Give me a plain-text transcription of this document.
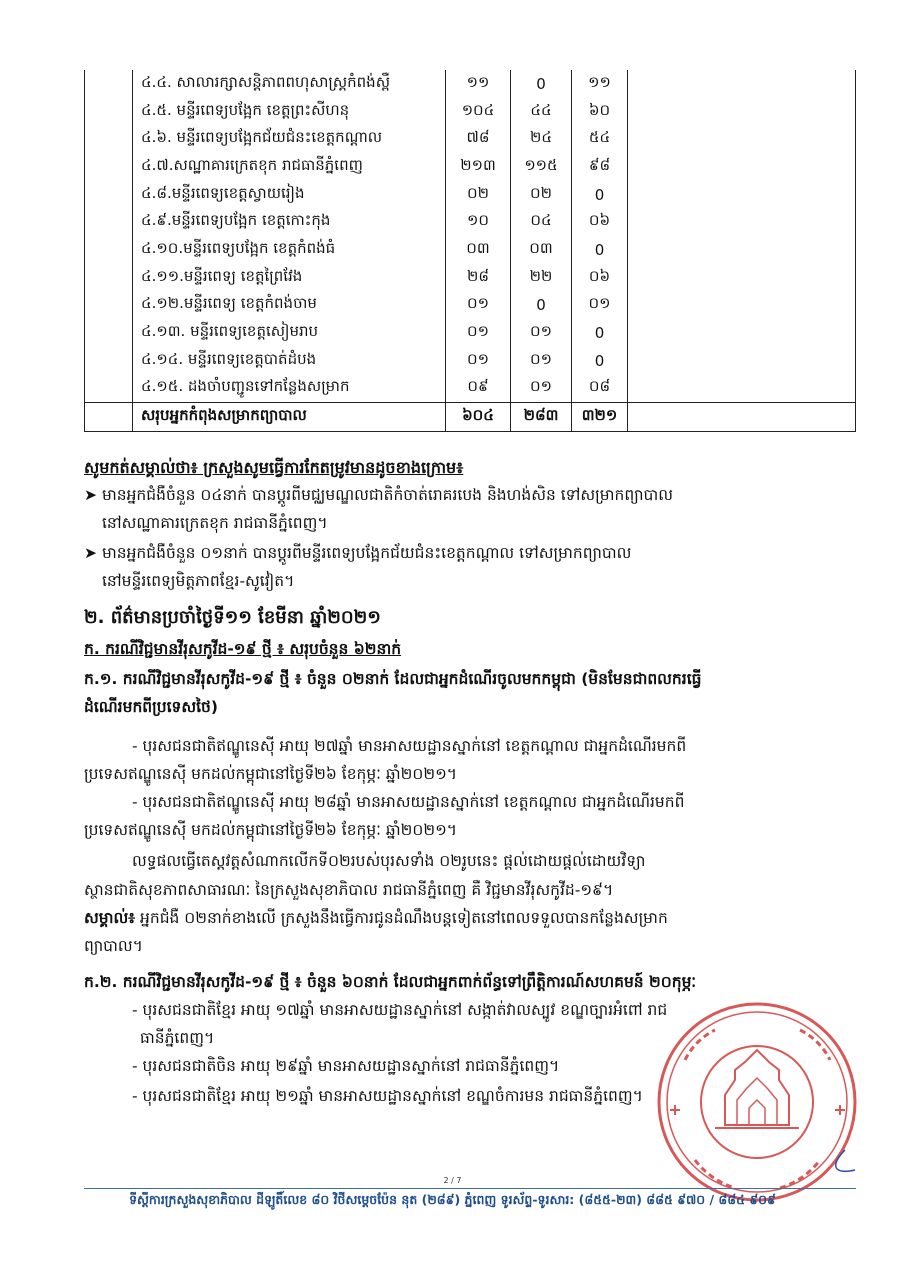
	៤.៤. សាលារក្សាសន្តិភាពពហុសាស្ត្រកំពង់ស្ពឺ	១១	0	១១	
	៤.៥. មន្ទីរពេទ្យបង្អែក ខេត្តព្រះសីហនុ	១០៤	៤៤	៦០	
	៤.៦. មន្ទីរពេទ្យបង្អែកជ័យជំនះខេត្តកណ្តាល	៧៨	២៤	៥៤	
	៤.៧.សណ្ឋាគារក្រេតខុក រាជធានីភ្នំពេញ	២១៣	១១៥	៩៨	
	៤.៨.មន្ទីរពេទ្យខេត្តស្វាយរៀង	០២	០២	0	
	៤.៩.មន្ទីរពេទ្យបង្អែក ខេត្តកោះកុង	១០	០៤	០៦	
	៤.១០.មន្ទីរពេទ្យបង្អែក ខេត្តកំពង់ធំ	០៣	០៣	0	
	៤.១១.មន្ទីរពេទ្យ ខេត្តព្រៃវែង	២៨	២២	០៦	
	៤.១២.មន្ទីរពេទ្យ ខេត្តកំពង់ចាម	០១	0	០១	
	៤.១៣. មន្ទីរពេទ្យខេត្តសៀមរាប	០១	០១	0	
	៤.១៤. មន្ទីរពេទ្យខេត្តបាត់ដំបង	០១	០១	0	
	៤.១៥. ដងចាំបញ្ជូនទៅកន្លែងសម្រាក	០៩	០១	០៨	
	សរុបអ្នកកំពុងសម្រាកព្យាបាល	៦០៤	២៨៣	៣២១	
សូមកត់សម្គាល់ថា៖ ក្រសួងសូមធ្វើការកែតម្រូវមានដូចខាងក្រោម៖
➤ មានអ្នកជំងឺចំនួន ០៤នាក់ បានប្តូរពីមជ្ឈមណ្ឌលជាតិកំចាត់រោគរបេង និងហង់សិន ទៅសម្រាកព្យាបាល
នៅសណ្ឋាគារក្រេតខុក រាជធានីភ្នំពេញ។
➤ មានអ្នកជំងឺចំនួន ០១នាក់ បានប្តូរពីមន្ទីរពេទ្យបង្អែកជ័យជំនះខេត្តកណ្តាល ទៅសម្រាកព្យាបាល
នៅមន្ទីរពេទ្យមិត្តភាពខ្មែរ-សូវៀត។
២. ព័ត៌មានប្រចាំថ្ងៃទី១១ ខែមីនា ឆ្នាំ២០២១
ក. ករណីវិជ្ជមានវីរុសកូវីដ-១៩ ថ្មី ៖ សរុបចំនួន ៦២នាក់
ក.១. ករណីវិជ្ជមានវីរុសកូវីដ-១៩ ថ្មី ៖ ចំនួន ០២នាក់ ដែលជាអ្នកដំណើរចូលមកកម្ពុជា (មិនមែនជាពលករធ្វើ
ដំណើរមកពីប្រទេសថៃ)
- បុរសជនជាតិឥណ្ឌូនេស៊ី អាយុ ២៧ឆ្នាំ មានអាសយដ្ឋានស្នាក់នៅ ខេត្តកណ្តាល ជាអ្នកដំណើរមកពី
ប្រទេសឥណ្ឌូនេស៊ី មកដល់កម្ពុជានៅថ្ងៃទី២៦ ខែកុម្ភៈ ឆ្នាំ២០២១។
- បុរសជនជាតិឥណ្ឌូនេស៊ី អាយុ ២៨ឆ្នាំ មានអាសយដ្ឋានស្នាក់នៅ ខេត្តកណ្តាល ជាអ្នកដំណើរមកពី
ប្រទេសឥណ្ឌូនេស៊ី មកដល់កម្ពុជានៅថ្ងៃទី២៦ ខែកុម្ភៈ ឆ្នាំ២០២១។
លទ្ធផលធ្វើតេស្តវត្តសំណាកលើកទី០២របស់បុរសទាំង ០២រូបនេះ ផ្តល់ដោយផ្តល់ដោយវិទ្យា
ស្ថានជាតិសុខភាពសាធារណៈ នៃក្រសួងសុខាភិបាល រាជធានីភ្នំពេញ គឺ វិជ្ជមានវីរុសកូវីដ-១៩។
សម្គាល់៖ អ្នកជំងឺ ០២នាក់ខាងលើ ក្រសួងនឹងធ្វើការជូនដំណឹងបន្តទៀតនៅពេលទទួលបានកន្លែងសម្រាក
ព្យាបាល។
ក.២. ករណីវិជ្ជមានវីរុសកូវីដ-១៩ ថ្មី ៖ ចំនួន ៦០នាក់ ដែលជាអ្នកពាក់ព័ន្ធទៅព្រឹត្តិការណ៍សហគមន៍ ២០កុម្ភៈ
- បុរសជនជាតិខ្មែរ អាយុ ១៧ឆ្នាំ មានអាសយដ្ឋានស្នាក់នៅ សង្កាត់វាលស្បូវ ខណ្ឌច្បារអំពៅ រាជ
ធានីភ្នំពេញ។
- បុរសជនជាតិចិន អាយុ ២៩ឆ្នាំ មានអាសយដ្ឋានស្នាក់នៅ រាជធានីភ្នំពេញ។
- បុរសជនជាតិខ្មែរ អាយុ ២១ឆ្នាំ មានអាសយដ្ឋានស្នាក់នៅ ខណ្ឌចំការមន រាជធានីភ្នំពេញ។
2 / 7
ទីស្តីការក្រសួងសុខាភិបាល ដីឡូតិ៍លេខ ៨០ វិថីសម្តេចប៉ែន នុត (២៨៩) ភ្នំពេញ ទូរស័ព្ទ-ទូរសារ: (៨៥៥-២៣) ៨៨៥ ៩៧០ / ៨៨៤ ៩០៩
